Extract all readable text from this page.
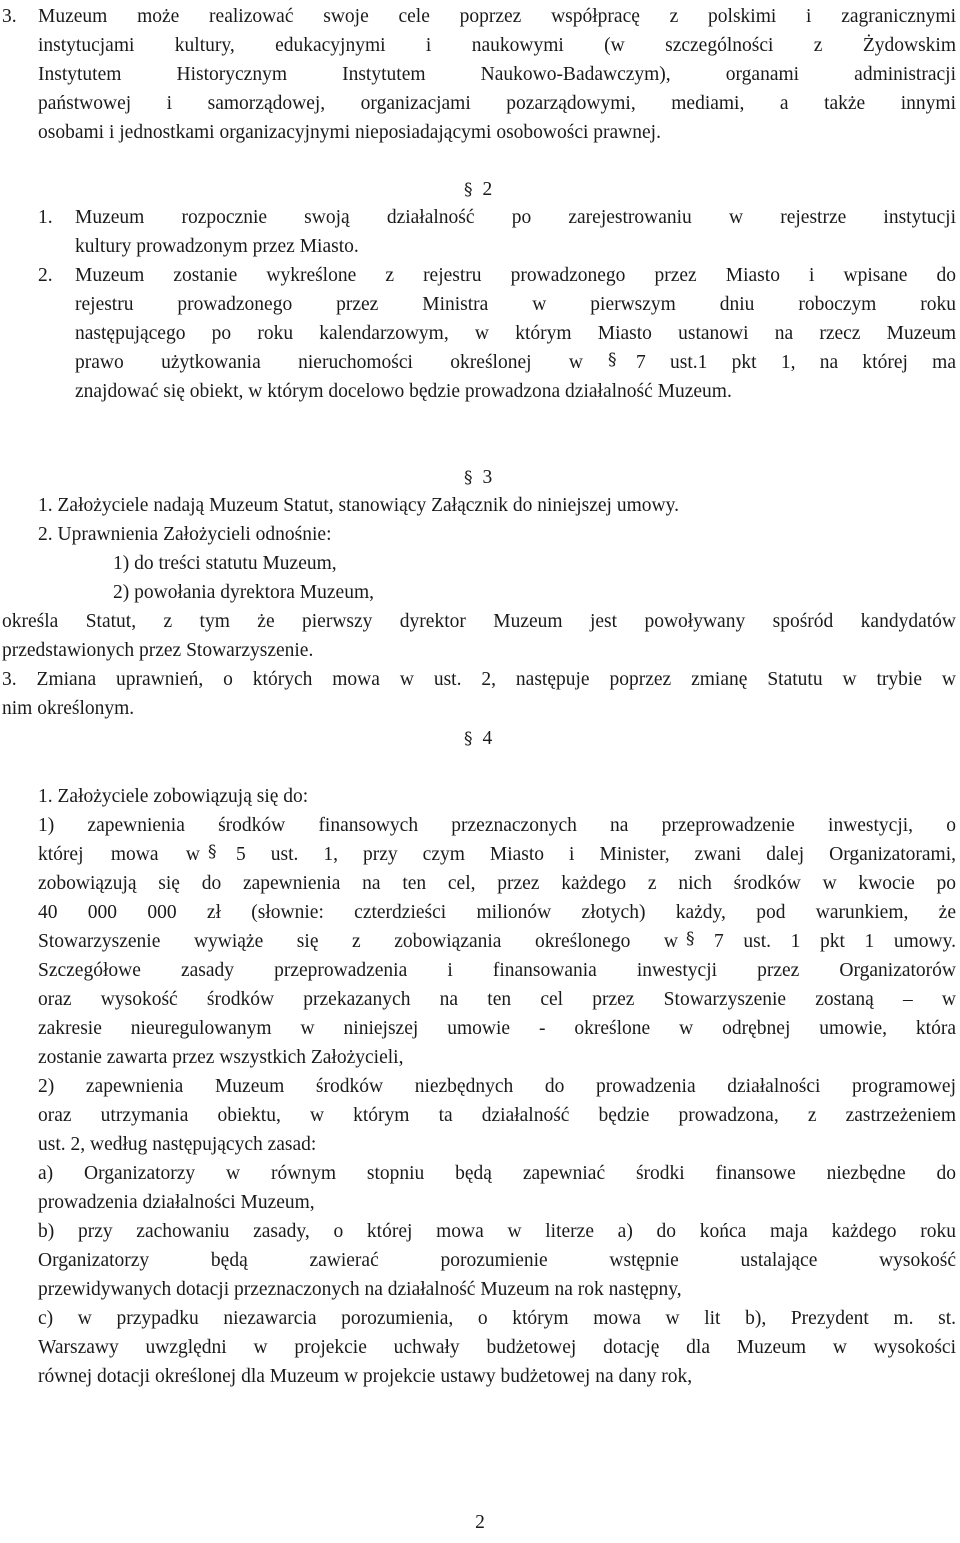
3. Muzeum może realizować swoje cele poprzez współpracę z polskimi i zagranicznymi
instytucjami kultury, edukacyjnymi i naukowymi (w szczególności z Żydowskim
Instytutem Historycznym Instytutem Naukowo-Badawczym), organami administracji
państwowej i samorządowej, organizacjami pozarządowymi, mediami, a także innymi
osobami i jednostkami organizacyjnymi nieposiadającymi osobowości prawnej.
§ 2
1. Muzeum rozpocznie swoją działalność po zarejestrowaniu w rejestrze instytucji
kultury prowadzonym przez Miasto.
2. Muzeum zostanie wykreślone z rejestru prowadzonego przez Miasto i wpisane do
rejestru prowadzonego przez Ministra w pierwszym dniu roboczym roku
następującego po roku kalendarzowym, w którym Miasto ustanowi na rzecz Muzeum
prawo użytkowania nieruchomości określonej w § 7 ust.1 pkt 1, na której ma
znajdować się obiekt, w którym docelowo będzie prowadzona działalność Muzeum.
§ 3
1. Założyciele nadają Muzeum Statut, stanowiący Załącznik do niniejszej umowy.
2. Uprawnienia Założycieli odnośnie:
1) do treści statutu Muzeum,
2) powołania dyrektora Muzeum,
określa Statut, z tym że pierwszy dyrektor Muzeum jest powoływany spośród kandydatów
przedstawionych przez Stowarzyszenie.
3. Zmiana uprawnień, o których mowa w ust. 2, następuje poprzez zmianę Statutu w trybie w
nim określonym.
§ 4
1. Założyciele zobowiązują się do:
1) zapewnienia środków finansowych przeznaczonych na przeprowadzenie inwestycji, o
której mowa w § 5 ust. 1, przy czym Miasto i Minister, zwani dalej Organizatorami,
zobowiązują się do zapewnienia na ten cel, przez każdego z nich środków w kwocie po
40 000 000 zł (słownie: czterdzieści milionów złotych) każdy, pod warunkiem, że
Stowarzyszenie wywiąże się z zobowiązania określonego w § 7 ust. 1 pkt 1 umowy.
Szczegółowe zasady przeprowadzenia i finansowania inwestycji przez Organizatorów
oraz wysokość środków przekazanych na ten cel przez Stowarzyszenie zostaną – w
zakresie nieuregulowanym w niniejszej umowie - określone w odrębnej umowie, która
zostanie zawarta przez wszystkich Założycieli,
2) zapewnienia Muzeum środków niezbędnych do prowadzenia działalności programowej
oraz utrzymania obiektu, w którym ta działalność będzie prowadzona, z zastrzeżeniem
ust. 2, według następujących zasad:
a) Organizatorzy w równym stopniu będą zapewniać środki finansowe niezbędne do
prowadzenia działalności Muzeum,
b) przy zachowaniu zasady, o której mowa w literze a) do końca maja każdego roku
Organizatorzy będą zawierać porozumienie wstępnie ustalające wysokość
przewidywanych dotacji przeznaczonych na działalność Muzeum na rok następny,
c) w przypadku niezawarcia porozumienia, o którym mowa w lit b), Prezydent m. st.
Warszawy uwzględni w projekcie uchwały budżetowej dotację dla Muzeum w wysokości
równej dotacji określonej dla Muzeum w projekcie ustawy budżetowej na dany rok,
2
